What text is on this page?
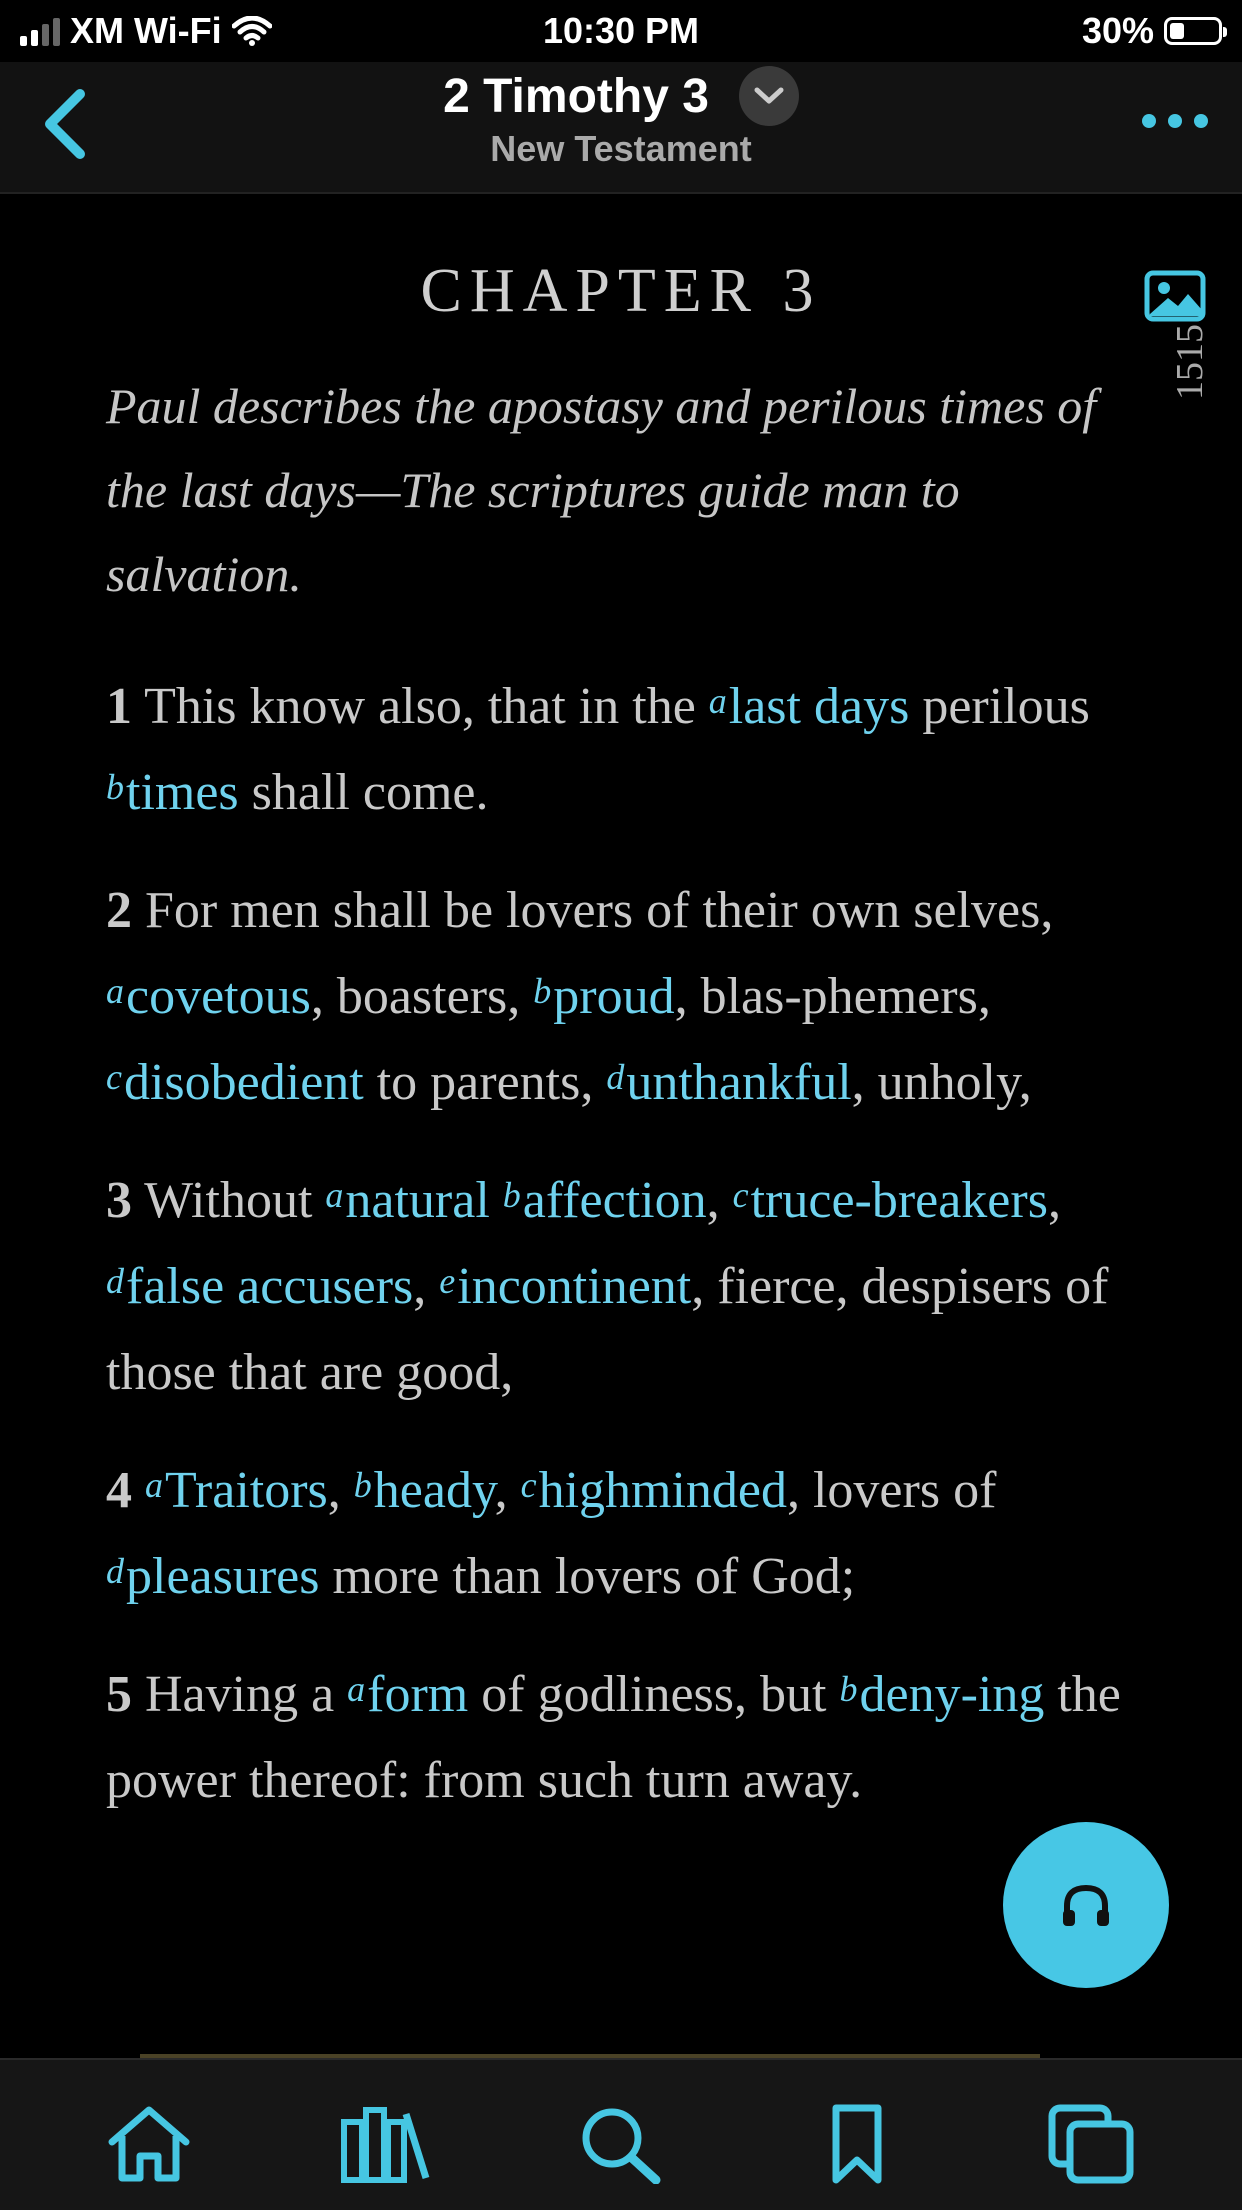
XM Wi-Fi	10:30 PM	30%
2 Timothy 3
New Testament
CHAPTER 3
1515
Paul describes the apostasy and perilous times of the last days—The scriptures guide man to salvation.
1 This know also, that in the $^a$last days perilous $^b$times shall come.
2 For men shall be lovers of their own selves, $^a$covetous, boasters, $^b$proud, blas-phemers, $^c$disobedient to parents, $^d$unthankful, unholy,
3 Without $^a$natural $^b$affection, $^c$truce-breakers, $^d$false accusers, $^e$incontinent, fierce, despisers of those that are good,
4 $^a$Traitors, $^b$heady, $^c$highminded, lovers of $^d$pleasures more than lovers of God;
5 Having a $^a$form of godliness, but $^b$deny-ing the power thereof: from such turn away.
